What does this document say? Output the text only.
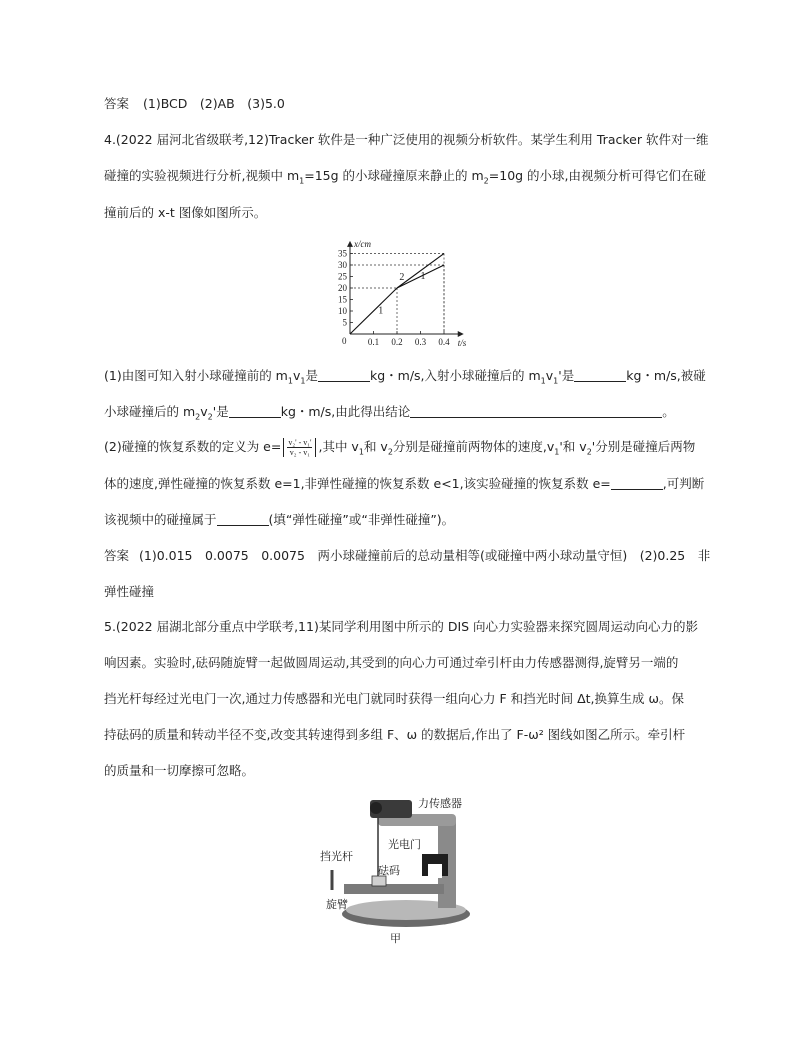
答案 (1)BCD　(2)AB　(3)5.0
4.(2022 届河北省级联考,12)Tracker 软件是一种广泛使用的视频分析软件。某学生利用 Tracker 软件对一维
碰撞的实验视频进行分析,视频中 $m_1=15g$ 的小球碰撞原来静止的 $m_2=10g$ 的小球,由视频分析可得它们在碰
撞前后的 x-t 图像如图所示。
x/cm
t/s
0
5
10
15
20
25
30
35
0.1 0.2 0.3 0.4
1
2 1
(1)由图可知入射小球碰撞前的 $m_1v_1$是	kg・m/s,入射小球碰撞后的 $m_1v_1'$是	kg・m/s,被碰
小球碰撞后的 $m_2v_2'$是	kg・m/s,由此得出结论	。
(2)碰撞的恢复系数的定义为 $e= \frac{\text{v₂' - v₁'}}{\text{v₂ - v₁}}$ ,其中 $v_1$和 $v_2$分别是碰撞前两物体的速度$,v_1'$和 $v_2'$分别是碰撞后两物
体的速度,弹性碰撞的恢复系数 e=1,非弹性碰撞的恢复系数 e<1,该实验碰撞的恢复系数 e=	,可判断
该视频中的碰撞属于	(填“弹性碰撞”或“非弹性碰撞”)。
答案 (1)0.015　0.0075　0.0075　两小球碰撞前后的总动量相等(或碰撞中两小球动量守恒)　(2)0.25　非
弹性碰撞
5.(2022 届湖北部分重点中学联考,11)某同学利用图中所示的 DIS 向心力实验器来探究圆周运动向心力的影
响因素。实验时,砝码随旋臂一起做圆周运动,其受到的向心力可通过牵引杆由力传感器测得,旋臂另一端的
挡光杆每经过光电门一次,通过力传感器和光电门就同时获得一组向心力 F 和挡光时间 Δt,换算生成 ω。保
持砝码的质量和转动半径不变,改变其转速得到多组 F、ω 的数据后,作出了 F-ω² 图线如图乙所示。牵引杆
的质量和一切摩擦可忽略。
力传感器
光电门
挡光杆
砝码
旋臂
甲
